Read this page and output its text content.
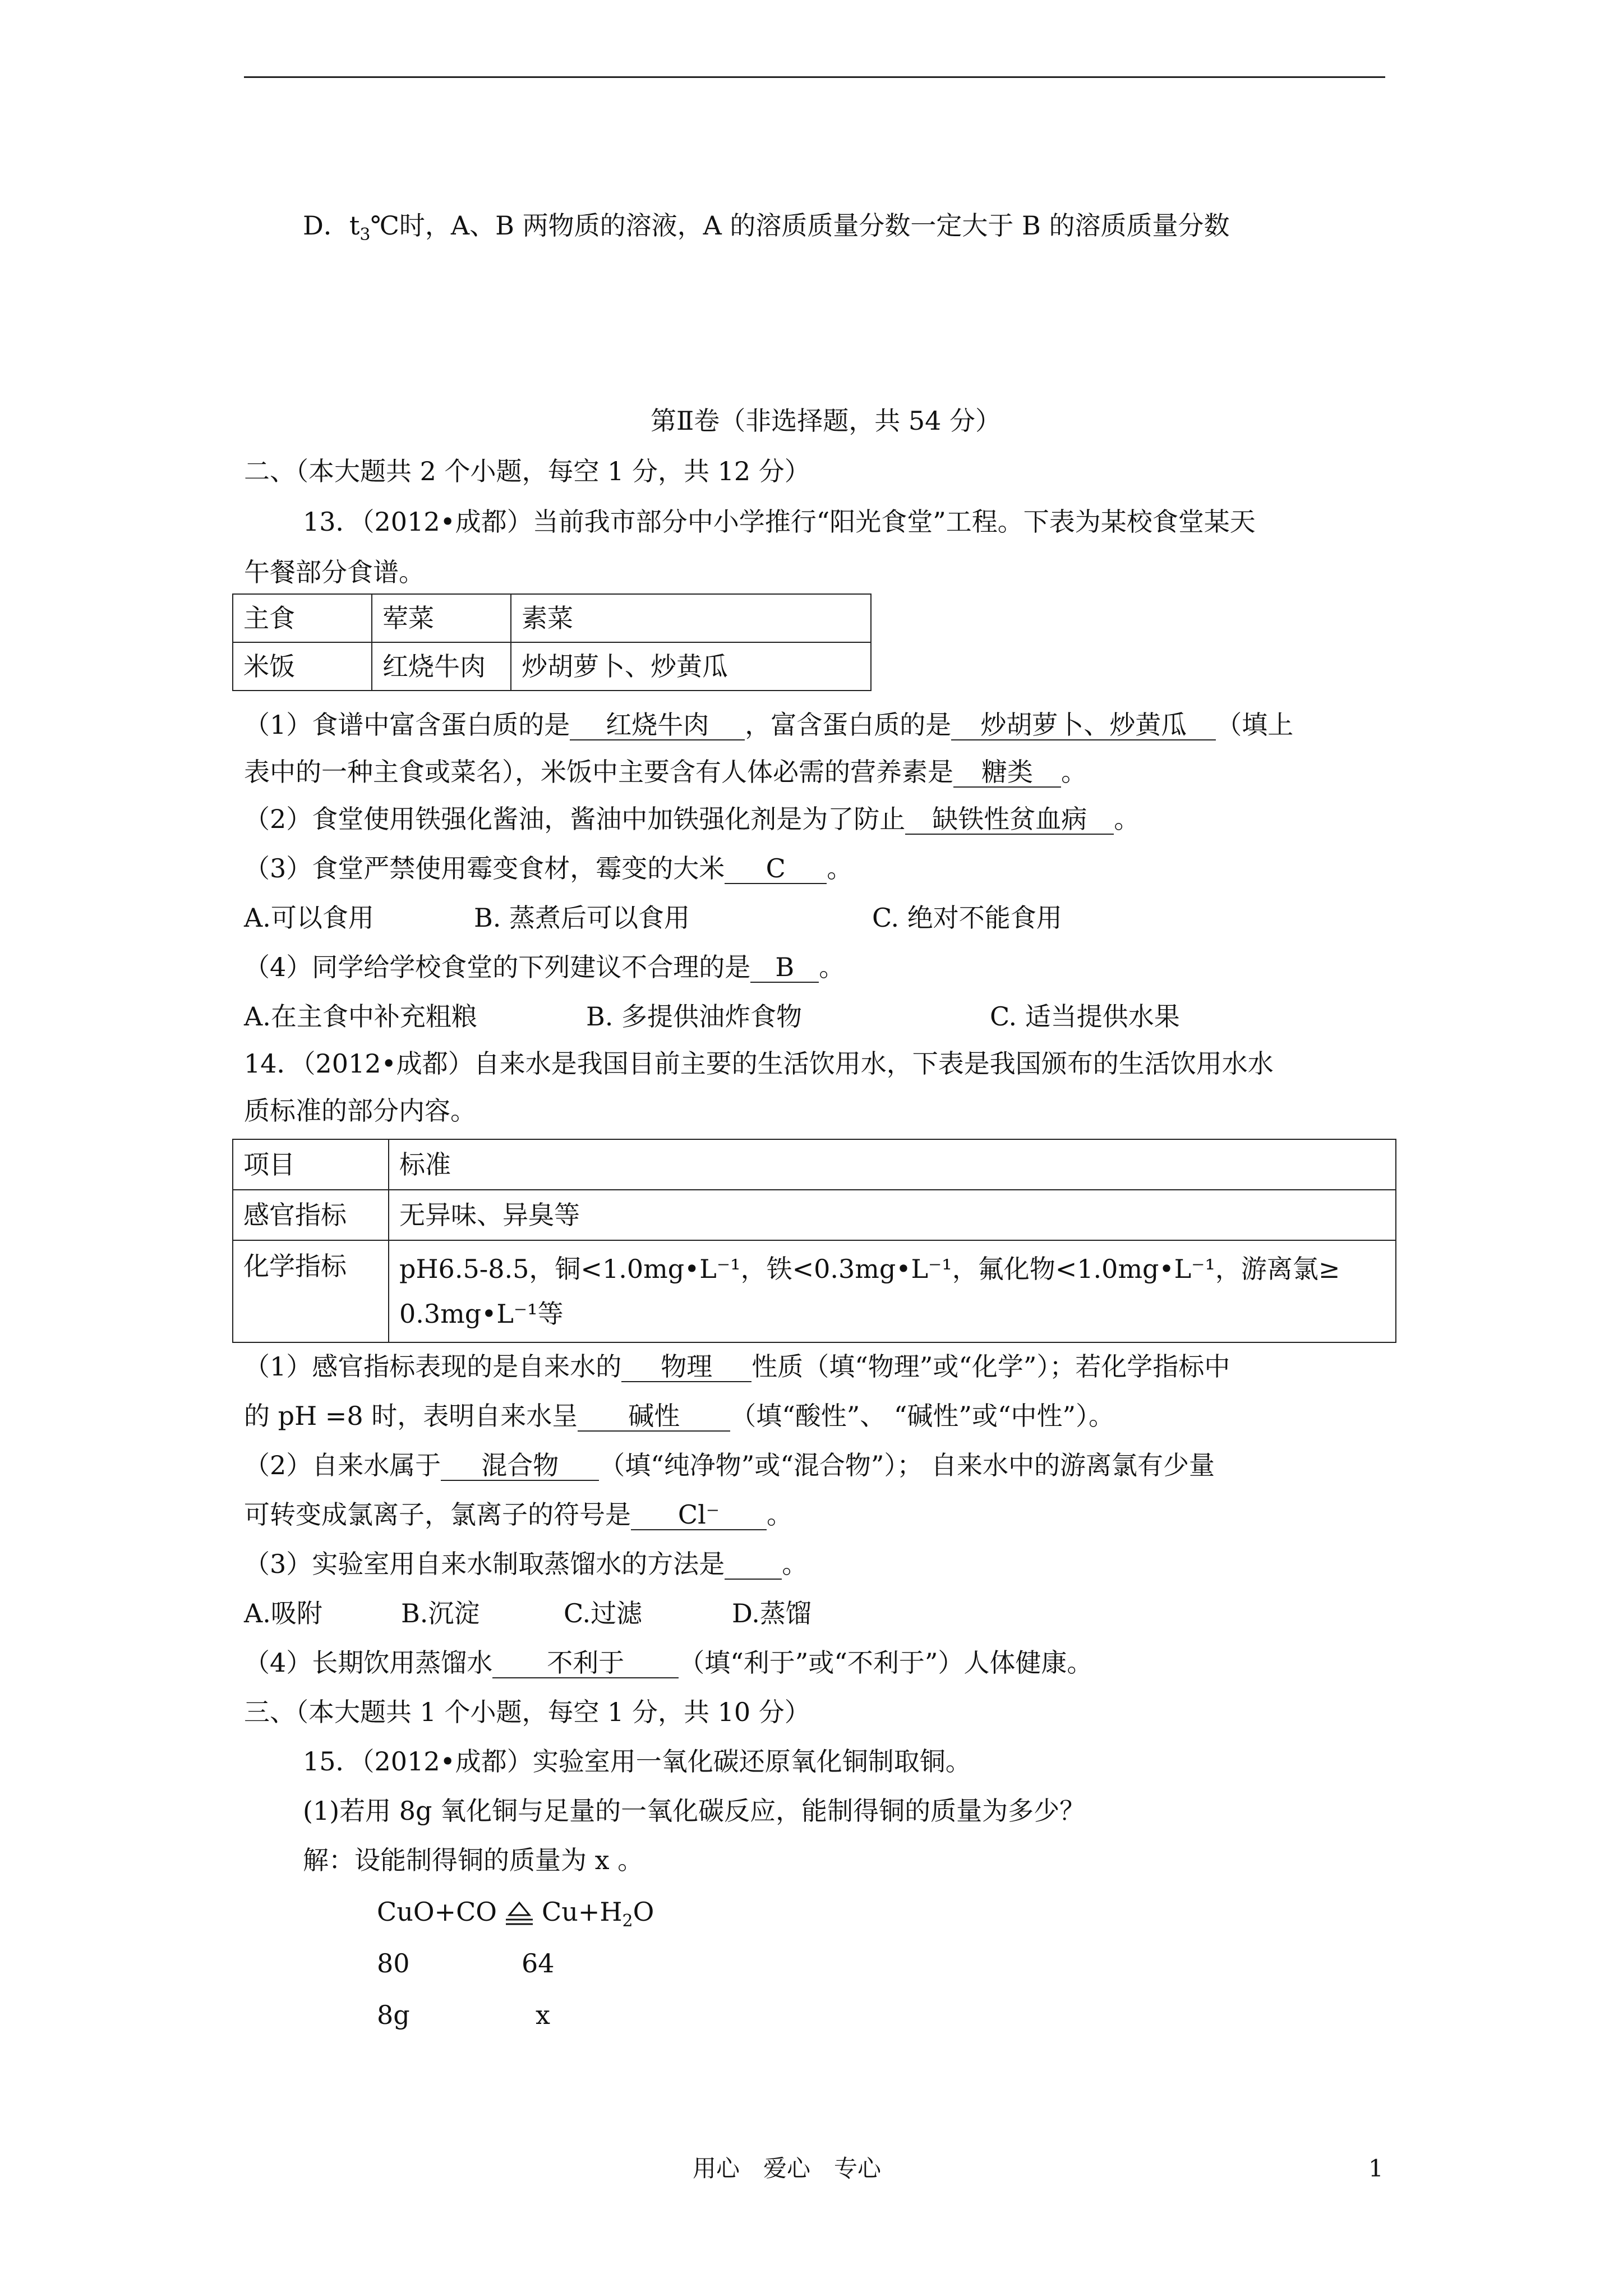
D．$t_3℃$时，A、B 两物质的溶液，A 的溶质质量分数一定大于 B 的溶质质量分数
第Ⅱ卷（非选择题，共 54 分）
二、（本大题共 2 个小题，每空 1 分，共 12 分）
13．（2012•成都）当前我市部分中小学推行“阳光食堂”工程。下表为某校食堂某天
午餐部分食谱。
主食	荤菜	素菜
米饭	红烧牛肉	炒胡萝卜、炒黄瓜
（1）食谱中富含蛋白质的是 红烧牛肉 ，富含蛋白质的是 炒胡萝卜、炒黄瓜 （填上
表中的一种主食或菜名），米饭中主要含有人体必需的营养素是 糖类 。
（2）食堂使用铁强化酱油，酱油中加铁强化剂是为了防止 缺铁性贫血病 。
（3）食堂严禁使用霉变食材，霉变的大米 C 。
A.可以食用	B. 蒸煮后可以食用	C. 绝对不能食用
（4）同学给学校食堂的下列建议不合理的是 B 。
A.在主食中补充粗粮	B. 多提供油炸食物	C. 适当提供水果
14．（2012•成都）自来水是我国目前主要的生活饮用水，下表是我国颁布的生活饮用水水
质标准的部分内容。
项目	标准
感官指标	无异味、异臭等
化学指标	pH6.5-8.5，铜<1.0mg•L⁻¹，铁<0.3mg•L⁻¹，氟化物<1.0mg•L⁻¹，游离氯≥
0.3mg•L⁻¹等
（1）感官指标表现的是自来水的 物理 性质（填“物理”或“化学”）；若化学指标中
的 pH =8 时，表明自来水呈 碱性 （填“酸性”、 “碱性”或“中性”）。
（2）自来水属于 混合物 （填“纯净物”或“混合物”）； 自来水中的游离氯有少量
可转变成氯离子，氯离子的符号是 Cl⁻ 。
（3）实验室用自来水制取蒸馏水的方法是 。
A.吸附	B.沉淀	C.过滤	D.蒸馏
（4）长期饮用蒸馏水 不利于 （填“利于”或“不利于”）人体健康。
三、（本大题共 1 个小题，每空 1 分，共 10 分）
15．（2012•成都）实验室用一氧化碳还原氧化铜制取铜。
(1)若用 8g 氧化铜与足量的一氧化碳反应，能制得铜的质量为多少？
解：设能制得铜的质量为 x 。
CuO+CO $Cu+H_2O$
80	64
8g	x
用心　爱心　专心	1
